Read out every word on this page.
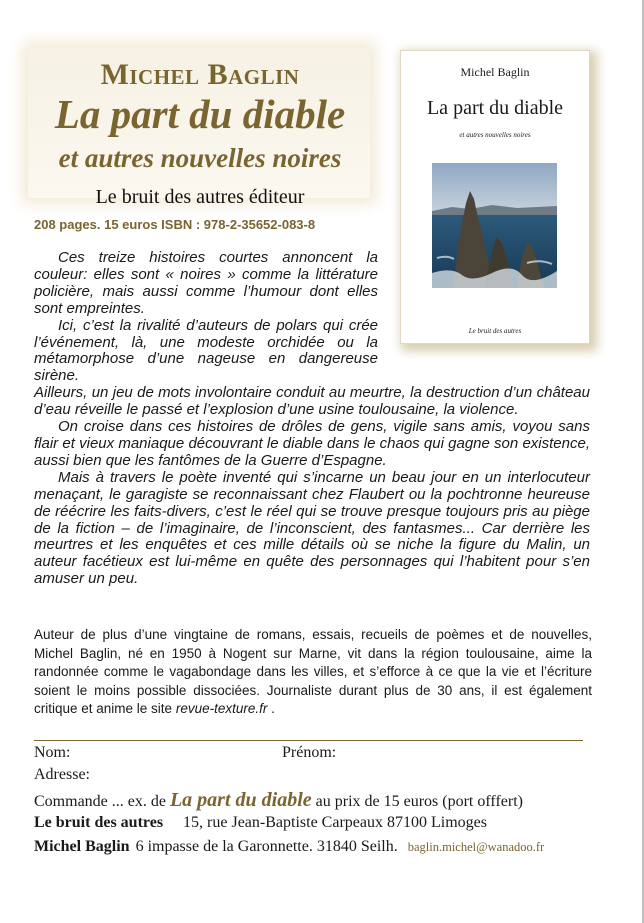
Michel Baglin
La part du diable
et autres nouvelles noires
Le bruit des autres éditeur
208 pages. 15 euros ISBN : 978-2-35652-083-8
Michel Baglin
La part du diable
et autres nouvelles noires
Le bruit des autres

Ces treize histoires courtes annoncent la couleur: elles sont « noires » comme la littérature policière, mais aussi comme l’humour dont elles sont empreintes.

Ici, c’est la rivalité d’auteurs de polars qui crée l’événement, là, une modeste orchidée ou la métamorphose d’une nageuse en dangereuse sirène.

Ailleurs, un jeu de mots involontaire conduit au meurtre, la destruction d’un château d’eau réveille le passé et l’explosion d’une usine toulousaine, la violence.

On croise dans ces histoires de drôles de gens, vigile sans amis, voyou sans flair et vieux maniaque découvrant le diable dans le chaos qui gagne son existence, aussi bien que les fantômes de la Guerre d’Espagne.

Mais à travers le poète inventé qui s’incarne un beau jour en un interlocuteur menaçant, le garagiste se reconnaissant chez Flaubert ou la pochtronne heureuse de réécrire les faits-divers, c’est le réel qui se trouve presque toujours pris au piège de la fiction – de l’imaginaire, de l’inconscient, des fantasmes... Car derrière les meurtres et les enquêtes et ces mille détails où se niche la figure du Malin, un auteur facétieux est lui-même en quête des personnages qui l’habitent pour s’en amuser un peu.

Auteur de plus d’une vingtaine de romans, essais, recueils de poèmes et de nouvelles, Michel Baglin, né en 1950 à Nogent sur Marne, vit dans la région toulousaine, aime la randonnée comme le vagabondage dans les villes, et s’efforce à ce que la vie et l’écriture soient le moins possible dissociées. Journaliste durant plus de 30 ans, il est également critique et anime le site revue-texture.fr .
Nom:	Prénom:
Adresse:
Commande ... ex. de La part du diable au prix de 15 euros (port offfert)
Le bruit des autres 15, rue Jean-Baptiste Carpeaux 87100 Limoges
Michel Baglin 6 impasse de la Garonnette. 31840 Seilh. baglin.michel@wanadoo.fr
